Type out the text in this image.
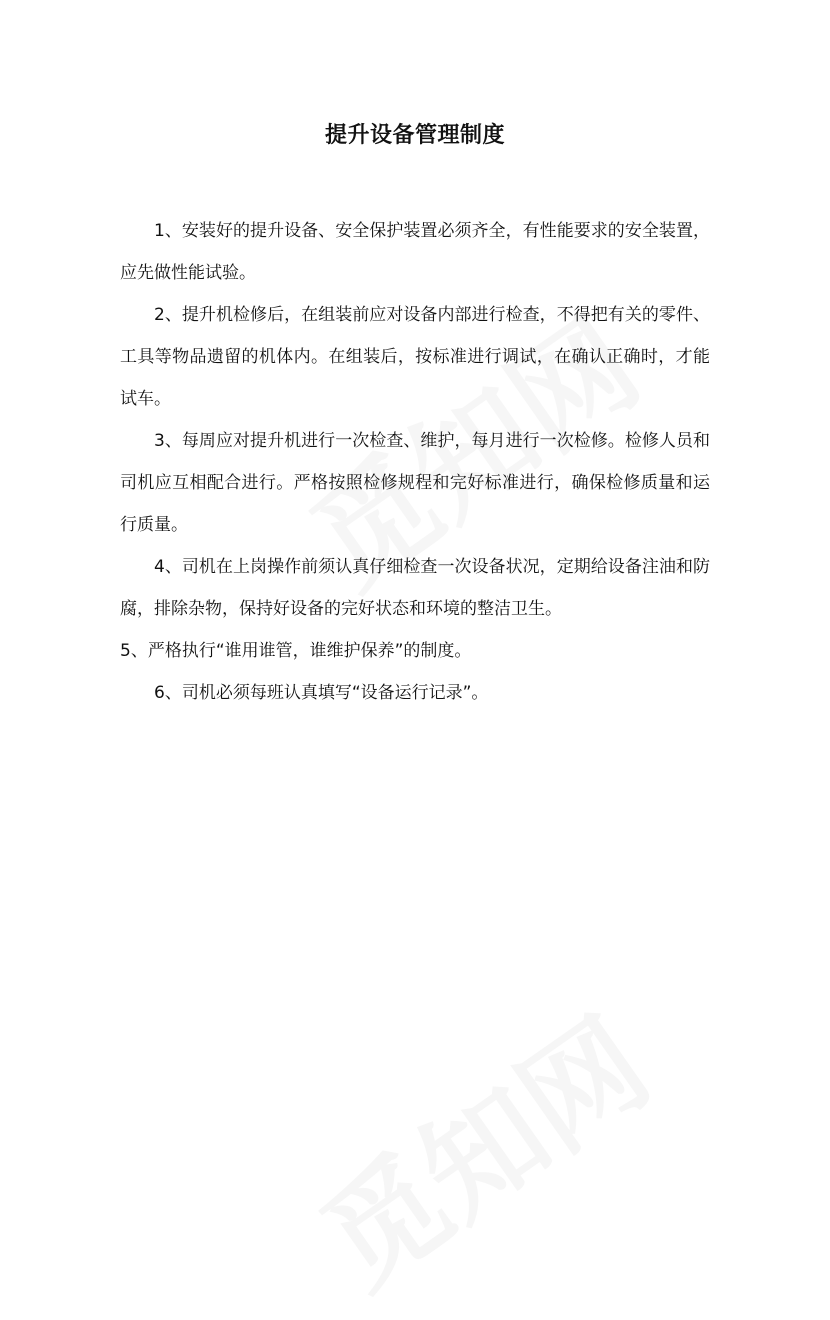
提升设备管理制度

1、安装好的提升设备、安全保护装置必须齐全，有性能要求的安全装置，应先做性能试验。

2、提升机检修后，在组装前应对设备内部进行检查，不得把有关的零件、工具等物品遗留的机体内。在组装后，按标准进行调试，在确认正确时，才能试车。

3、每周应对提升机进行一次检查、维护，每月进行一次检修。检修人员和司机应互相配合进行。严格按照检修规程和完好标准进行，确保检修质量和运行质量。

4、司机在上岗操作前须认真仔细检查一次设备状况，定期给设备注油和防腐，排除杂物，保持好设备的完好状态和环境的整洁卫生。

5、严格执行“谁用谁管，谁维护保养”的制度。

6、司机必须每班认真填写“设备运行记录”。
